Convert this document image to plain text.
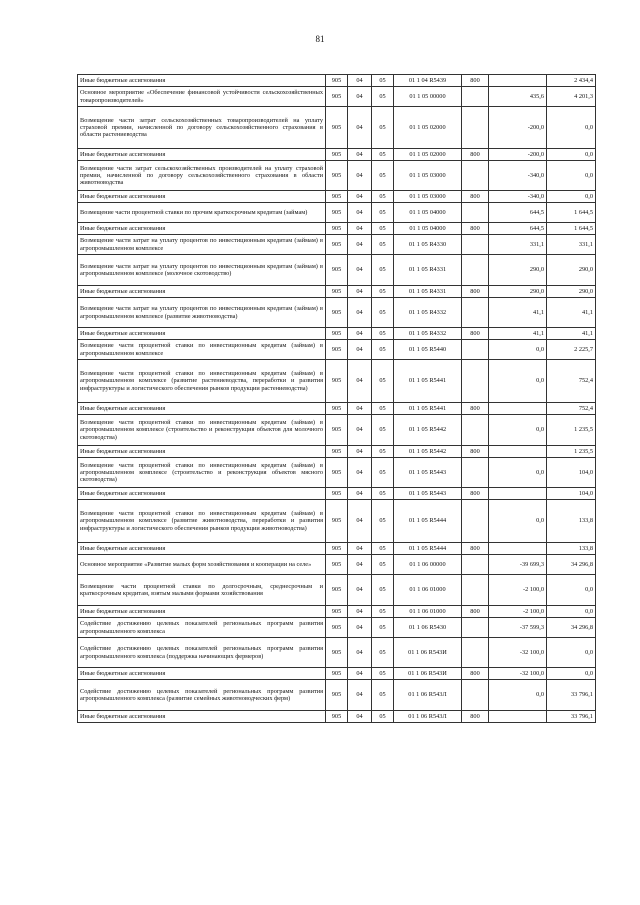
81
Иные бюджетные ассигнования	905	04	05	01 1 04 R5439	800		2 434,4
Основное мероприятие «Обеспечение финансовой устойчивости сельскохозяйственных товаропроизводителей»	905	04	05	01 1 05 00000		435,6	4 201,3
Возмещение части затрат сельскохозяйственных товаропроизводителей на уплату страховой премии, начисленной по договору сельскохозяйственного страхования в области растениеводства	905	04	05	01 1 05 02000		-200,0	0,0
Иные бюджетные ассигнования	905	04	05	01 1 05 02000	800	-200,0	0,0
Возмещение части затрат сельскохозяйственных производителей на уплату страховой премии, начисленной по договору сельскохозяйственного страхования в области животноводства	905	04	05	01 1 05 03000		-340,0	0,0
Иные бюджетные ассигнования	905	04	05	01 1 05 03000	800	-340,0	0,0
Возмещение части процентной ставки по прочим краткосрочным кредитам (займам)	905	04	05	01 1 05 04000		644,5	1 644,5
Иные бюджетные ассигнования	905	04	05	01 1 05 04000	800	644,5	1 644,5
Возмещение части затрат на уплату процентов по инвестиционным кредитам (займам) в агропромышленном комплексе	905	04	05	01 1 05 R4330		331,1	331,1
Возмещение части затрат на уплату процентов по инвестиционным кредитам (займам) в агропромышленном комплексе (молочное скотоводство)	905	04	05	01 1 05 R4331		290,0	290,0
Иные бюджетные ассигнования	905	04	05	01 1 05 R4331	800	290,0	290,0
Возмещение части затрат на уплату процентов по инвестиционным кредитам (займам) в агропромышленном комплексе (развитие животноводства)	905	04	05	01 1 05 R4332		41,1	41,1
Иные бюджетные ассигнования	905	04	05	01 1 05 R4332	800	41,1	41,1
Возмещение части процентной ставки по инвестиционным кредитам (займам) в агропромышленном комплексе	905	04	05	01 1 05 R5440		0,0	2 225,7
Возмещение части процентной ставки по инвестиционным кредитам (займам) в агропромышленном комплексе (развитие растениеводства, переработки и развития инфраструктуры и логистического обеспечения рынков продукции растениеводства)	905	04	05	01 1 05 R5441		0,0	752,4
Иные бюджетные ассигнования	905	04	05	01 1 05 R5441	800		752,4
Возмещение части процентной ставки по инвестиционным кредитам (займам) в агропромышленном комплексе (строительство и реконструкция объектов для молочного скотоводства)	905	04	05	01 1 05 R5442		0,0	1 235,5
Иные бюджетные ассигнования	905	04	05	01 1 05 R5442	800		1 235,5
Возмещение части процентной ставки по инвестиционным кредитам (займам) в агропромышленном комплексе (строительство и реконструкция объектов мясного скотоводства)	905	04	05	01 1 05 R5443		0,0	104,0
Иные бюджетные ассигнования	905	04	05	01 1 05 R5443	800		104,0
Возмещение части процентной ставки по инвестиционным кредитам (займам) в агропромышленном комплексе (развитие животноводства, переработки и развития инфраструктуры и логистического обеспечения рынков продукции животноводства)	905	04	05	01 1 05 R5444		0,0	133,8
Иные бюджетные ассигнования	905	04	05	01 1 05 R5444	800		133,8
Основное мероприятие «Развитие малых форм хозяйствования и кооперации на селе»	905	04	05	01 1 06 00000		-39 699,3	34 296,8
Возмещение части процентной ставки по долгосрочным, среднесрочным и краткосрочным кредитам, взятым малыми формами хозяйствования	905	04	05	01 1 06 01000		-2 100,0	0,0
Иные бюджетные ассигнования	905	04	05	01 1 06 01000	800	-2 100,0	0,0
Содействие достижению целевых показателей региональных программ развития агропромышленного комплекса	905	04	05	01 1 06 R5430		-37 599,3	34 296,8
Содействие достижению целевых показателей региональных программ развития агропромышленного комплекса (поддержка начинающих фермеров)	905	04	05	01 1 06 R543И		-32 100,0	0,0
Иные бюджетные ассигнования	905	04	05	01 1 06 R543И	800	-32 100,0	0,0
Содействие достижению целевых показателей региональных программ развития агропромышленного комплекса (развитие семейных животноводческих ферм)	905	04	05	01 1 06 R543Л		0,0	33 796,1
Иные бюджетные ассигнования	905	04	05	01 1 06 R543Л	800		33 796,1
